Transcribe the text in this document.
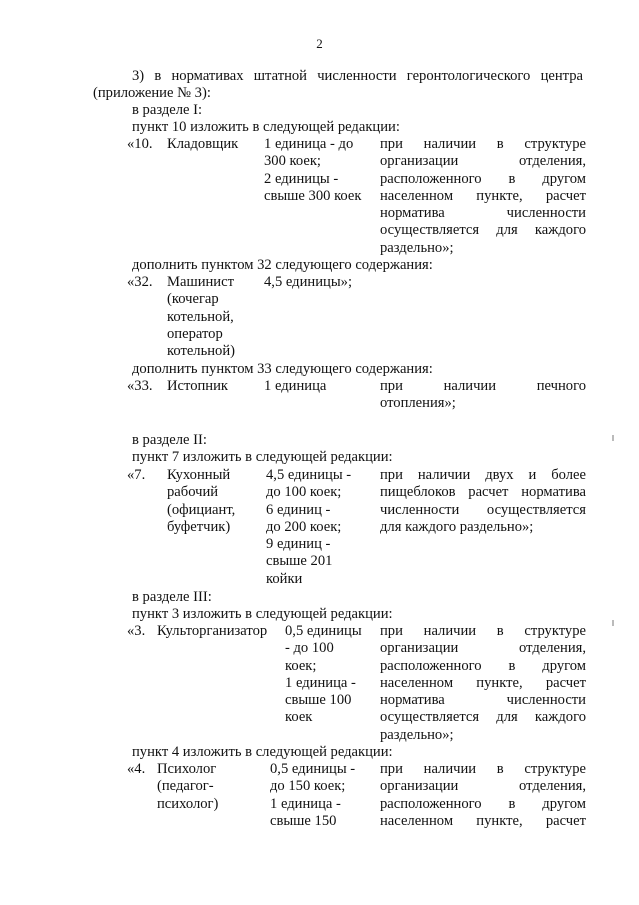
2
3) в нормативах штатной численности геронтологического центра
(приложение № 3):
в разделе I:
пункт 10 изложить в следующей редакции:
«10. Кладовщик 1 единица - до
300 коек;
2 единицы -
свыше 300 коек
при наличии в структуре
организации отделения,
расположенного в другом
населенном пункте, расчет
норматива численности
осуществляется для каждого
раздельно»;
дополнить пунктом 32 следующего содержания:
«32. Машинист
(кочегар
котельной,
оператор
котельной)
4,5 единицы»;
дополнить пунктом 33 следующего содержания:
«33. Истопник 1 единица	при наличии печного
отопления»;
в разделе II:
пункт 7 изложить в следующей редакции:
«7. Кухонный
рабочий
(официант,
буфетчик)
4,5 единицы -
до 100 коек;
6 единиц -
до 200 коек;
9 единиц -
свыше 201
койки
при наличии двух и более
пищеблоков расчет норматива
численности осуществляется
для каждого раздельно»;
в разделе III:
пункт 3 изложить в следующей редакции:
«3. Культорганизатор 0,5 единицы
- до 100
коек;
1 единица -
свыше 100
коек
при наличии в структуре
организации отделения,
расположенного в другом
населенном пункте, расчет
норматива численности
осуществляется для каждого
раздельно»;
пункт 4 изложить в следующей редакции:
«4. Психолог
(педагог-
психолог)
0,5 единицы -
до 150 коек;
1 единица -
свыше 150
при наличии в структуре
организации отделения,
расположенного в другом
населенном пункте, расчет
